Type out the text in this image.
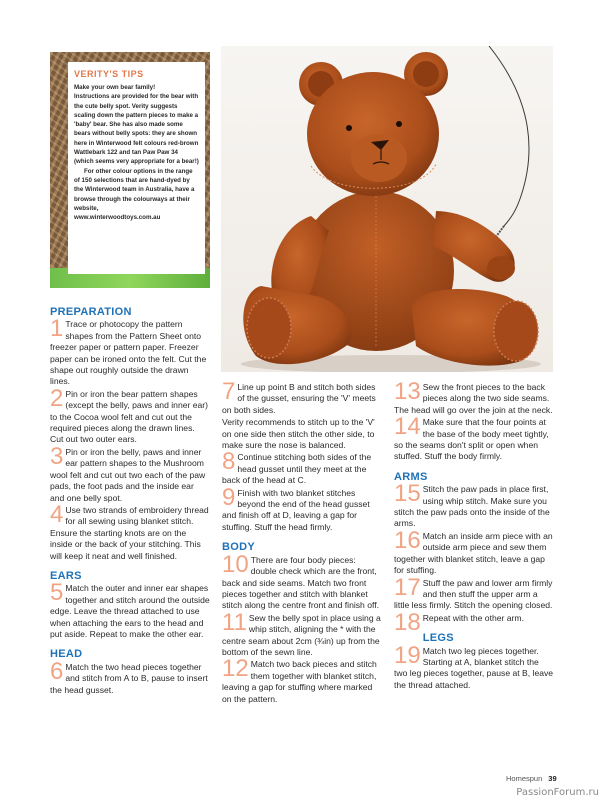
VERITY'S TIPS

Make your own bear family!

Instructions are provided for the bear with the cute belly spot. Verity suggests scaling down the pattern pieces to make a 'baby' bear. She has also made some bears without belly spots: they are shown here in Winterwood felt colours red-brown Wattlebark 122 and tan Paw Paw 34 (which seems very appropriate for a bear!)

For other colour options in the range of 150 selections that are hand-dyed by the Winterwood team in Australia, have a browse through the colourways at their website,

www.winterwoodtoys.com.au

PREPARATION
1 Trace or photocopy the pattern shapes from the Pattern Sheet onto freezer paper or pattern paper. Freezer paper can be ironed onto the felt. Cut the shape out roughly outside the drawn lines.
2 Pin or iron the bear pattern shapes (except the belly, paws and inner ear) to the Cocoa wool felt and cut out the required pieces along the drawn lines. Cut out two outer ears.
3 Pin or iron the belly, paws and inner ear pattern shapes to the Mushroom wool felt and cut out two each of the paw pads, the foot pads and the inside ear and one belly spot.
4 Use two strands of embroidery thread for all sewing using blanket stitch. Ensure the starting knots are on the inside or the back of your stitching. This will keep it neat and well finished.
EARS
5 Match the outer and inner ear shapes together and stitch around the outside edge. Leave the thread attached to use when attaching the ears to the head and put aside. Repeat to make the other ear.
HEAD
6 Match the two head pieces together and stitch from A to B, pause to insert the head gusset.
7 Line up point B and stitch both sides of the gusset, ensuring the 'V' meets on both sides.
Verity recommends to stitch up to the 'V' on one side then stitch the other side, to make sure the nose is balanced.
8 Continue stitching both sides of the head gusset until they meet at the back of the head at C.
9 Finish with two blanket stitches beyond the end of the head gusset and finish off at D, leaving a gap for stuffing. Stuff the head firmly.
BODY
10 There are four body pieces: double check which are the front, back and side seams. Match two front pieces together and stitch with blanket stitch along the centre front and finish off.
11 Sew the belly spot in place using a whip stitch, aligning the * with the centre seam about 2cm (¾in) up from the bottom of the sewn line.
12 Match two back pieces and stitch them together with blanket stitch, leaving a gap for stuffing where marked on the pattern.
13 Sew the front pieces to the back pieces along the two side seams. The head will go over the join at the neck.
14 Make sure that the four points at the base of the body meet tightly, so the seams don't split or open when stuffed. Stuff the body firmly.
ARMS
15 Stitch the paw pads in place first, using whip stitch. Make sure you stitch the paw pads onto the inside of the arms.
16 Match an inside arm piece with an outside arm piece and sew them together with blanket stitch, leave a gap for stuffing.
17 Stuff the paw and lower arm firmly and then stuff the upper arm a little less firmly. Stitch the opening closed.
18 Repeat with the other arm.
LEGS
19 Match two leg pieces together. Starting at A, blanket stitch the two leg pieces together, pause at B, leave the thread attached.
Homespun 39
PassionForum.ru
